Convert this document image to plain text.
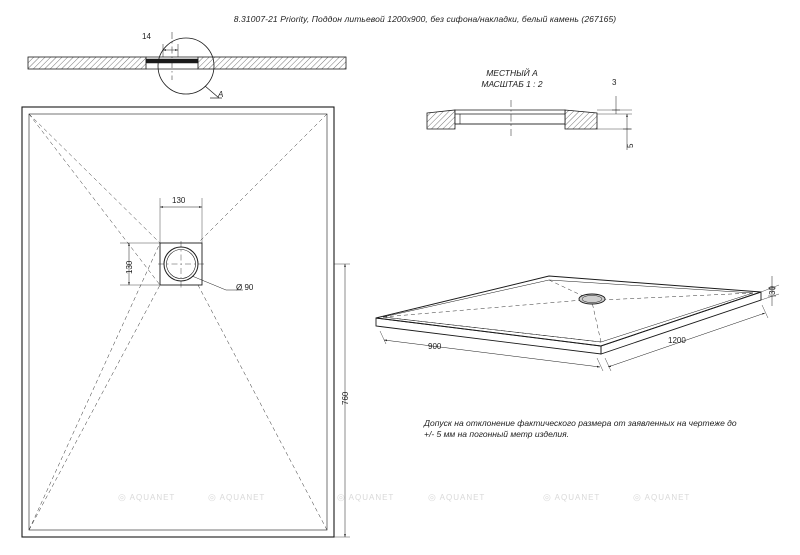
8.31007-21 Priority, Поддон литьевой 1200x900, без сифона/накладки, белый камень (267165)
14
А
МЕСТНЫЙ А
МАСШТАБ 1 : 2	3
5
130
130
Ø 90
760
900
1200
30
Допуск на отклонение фактического размера от заявленных на чертеже до +/- 5 мм на погонный метр изделия.
◎ AQUANET	◎ AQUANET	◎ AQUANET	◎ AQUANET	◎ AQUANET	◎ AQUANET
